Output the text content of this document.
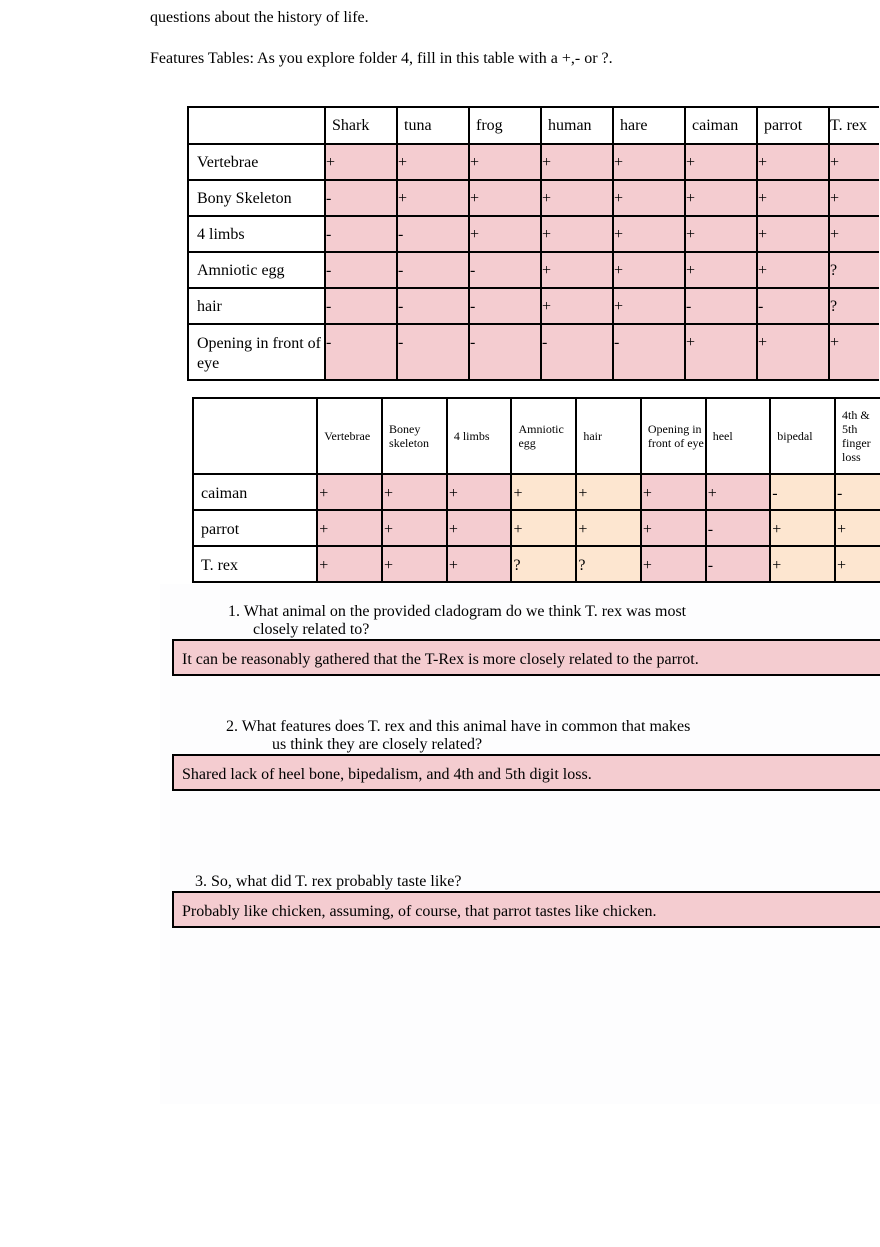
questions about the history of life.
Features Tables: As you explore folder 4, fill in this table with a +,- or ?.
	Shark	tuna	frog	human	hare	caiman	parrot	T. rex
Vertebrae	+	+	+	+	+	+	+	+
Bony Skeleton	-	+	+	+	+	+	+	+
4 limbs	-	-	+	+	+	+	+	+
Amniotic egg	-	-	-	+	+	+	+	?
hair	-	-	-	+	+	-	-	?
Opening in front of eye	-	-	-	-	-	+	+	+
	Vertebrae	Boney skeleton	4 limbs	Amniotic egg	hair	Opening in front of eye	heel	bipedal	4th & 5th finger loss
caiman	+	+	+	+	+	+	+	-	-
parrot	+	+	+	+	+	+	-	+	+
T. rex	+	+	+	?	?	+	-	+	+
1. What animal on the provided cladogram do we think T. rex was most
closely related to?
It can be reasonably gathered that the T-Rex is more closely related to the parrot.
2. What features does T. rex and this animal have in common that makes
us think they are closely related?
Shared lack of heel bone, bipedalism, and 4th and 5th digit loss.
3. So, what did T. rex probably taste like?
Probably like chicken, assuming, of course, that parrot tastes like chicken.
